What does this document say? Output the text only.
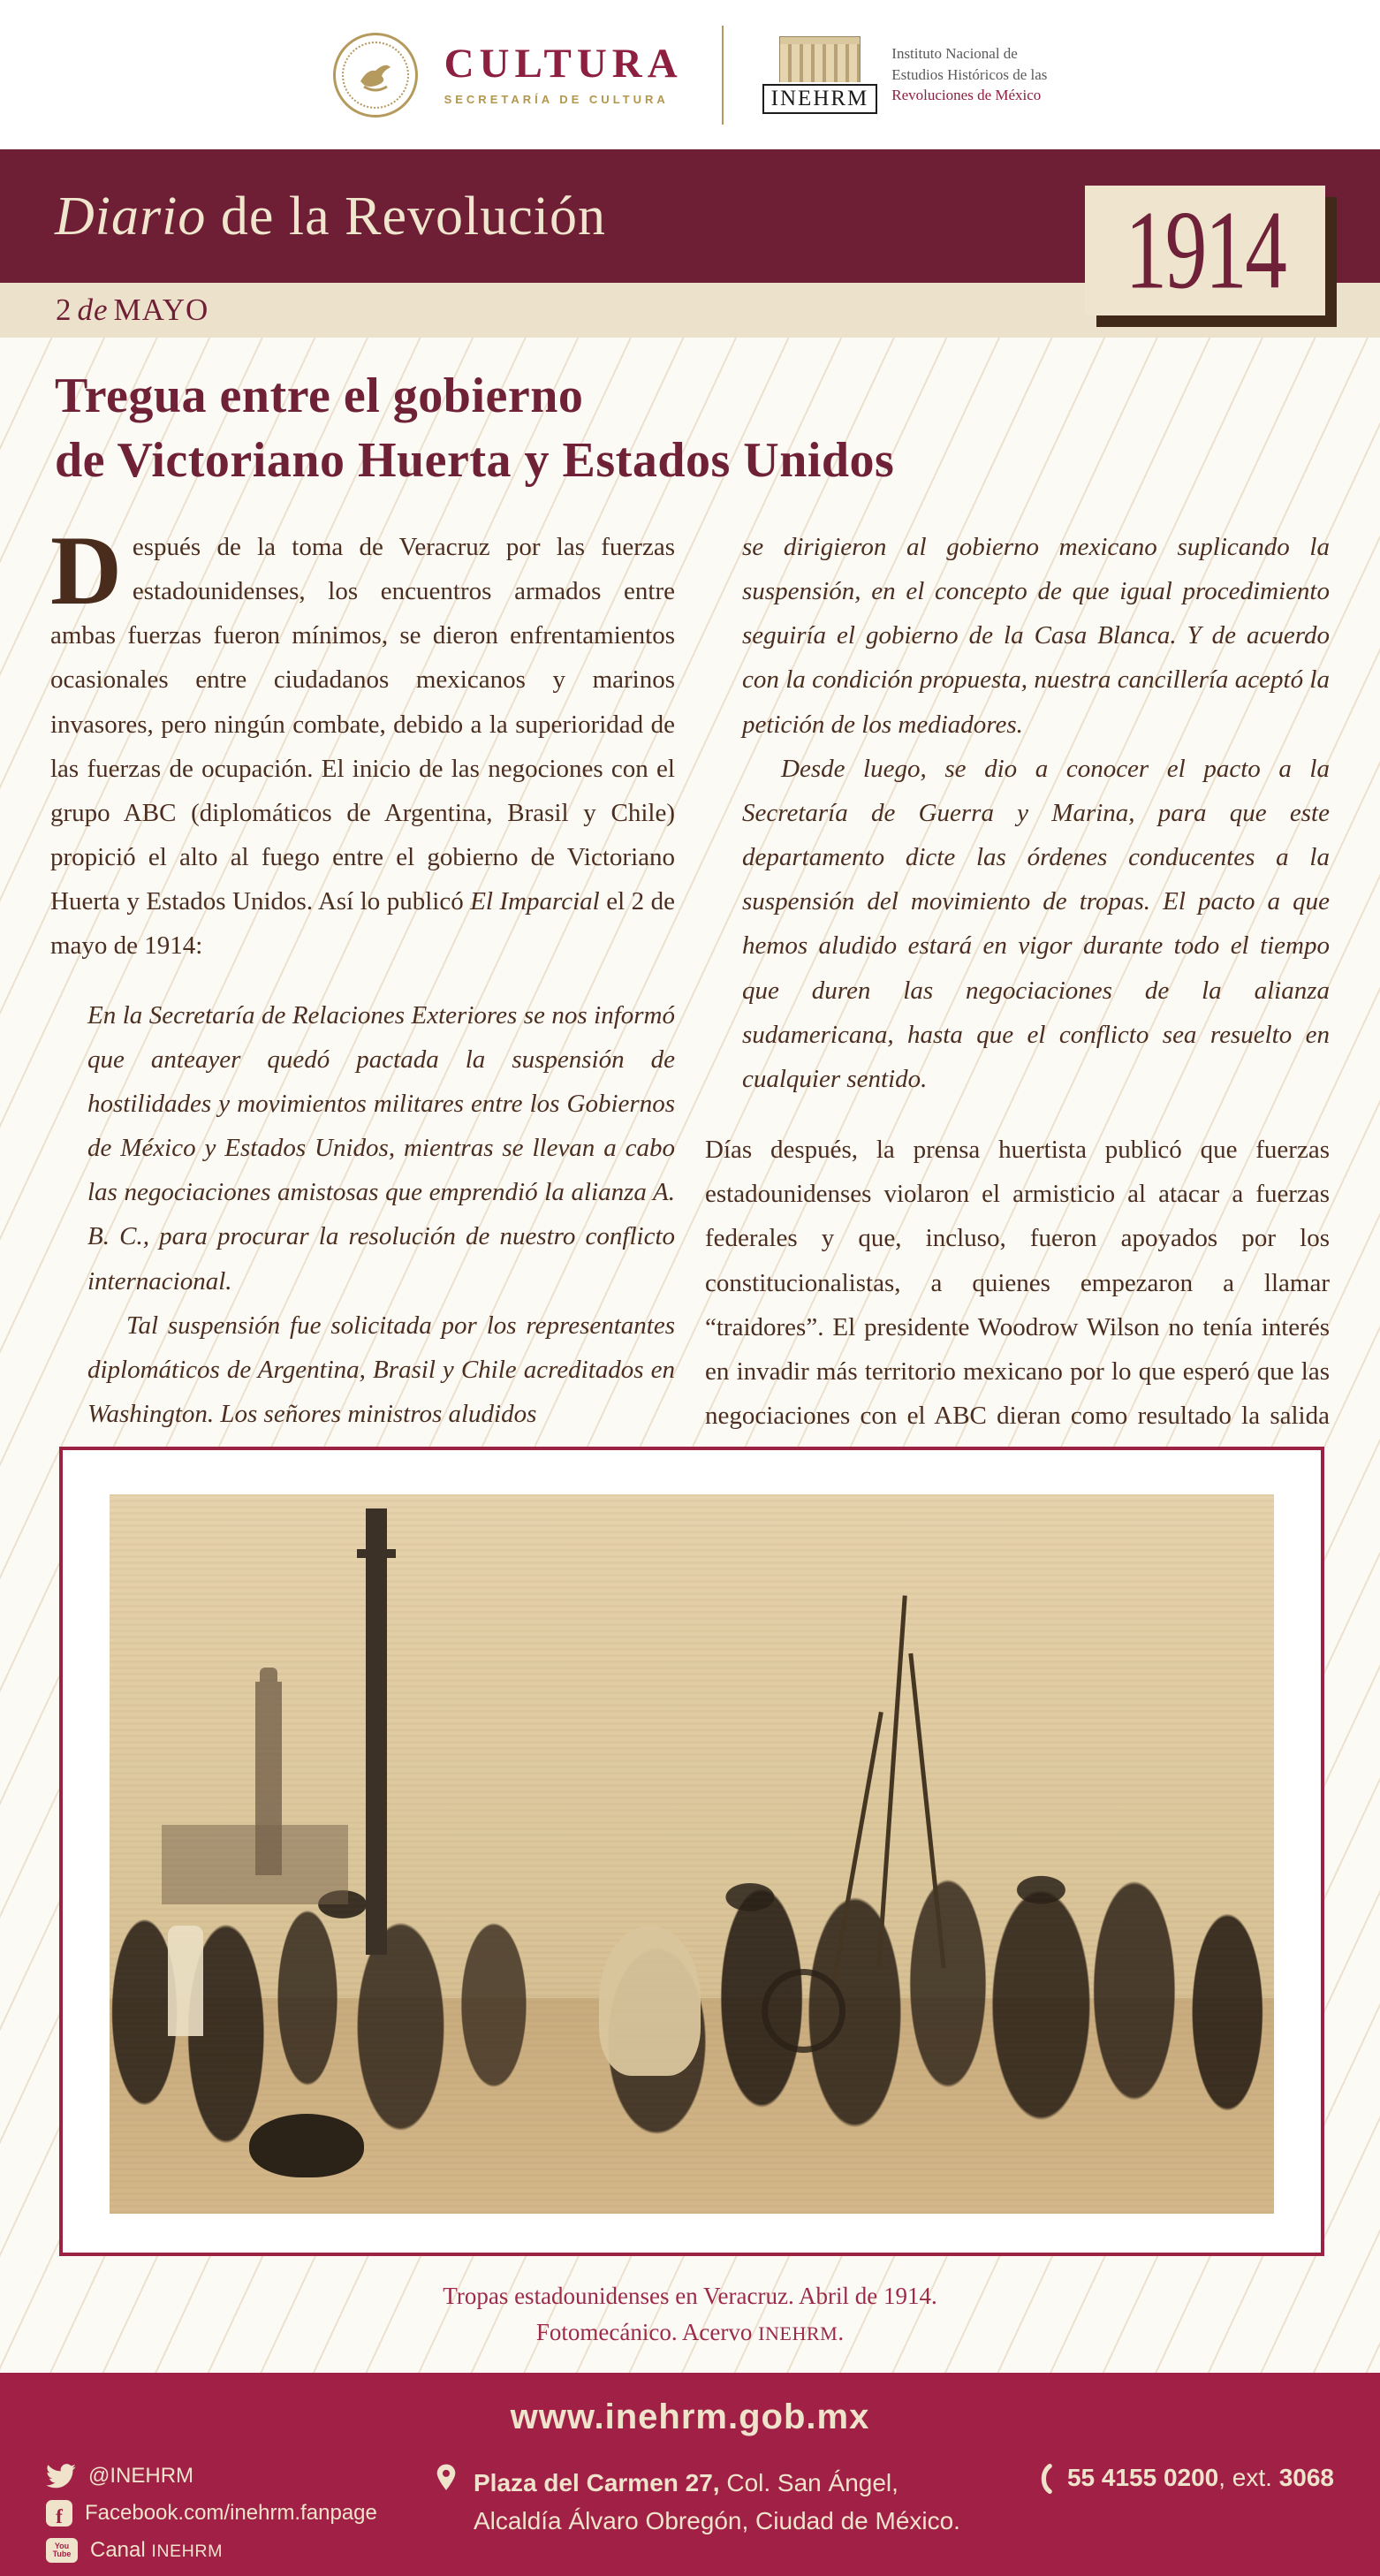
CULTURA
SECRETARÍA DE CULTURA	INEHRM
Instituto Nacional de
Estudios Históricos de las
Revoluciones de México
Diario de la Revolución
2 de MAYO	1914
Tregua entre el gobierno
de Victoriano Huerta y Estados Unidos

Después de la toma de Veracruz por las fuerzas estadounidenses, los encuentros armados entre ambas fuerzas fueron mínimos, se dieron enfrentamientos ocasionales entre ciudadanos mexicanos y marinos invasores, pero ningún combate, debido a la superioridad de las fuerzas de ocupación. El inicio de las negociones con el grupo ABC (diplomáticos de Argentina, Brasil y Chile) propició el alto al fuego entre el gobierno de Victoriano Huerta y Estados Unidos. Así lo publicó El Imparcial el 2 de mayo de 1914:

En la Secretaría de Relaciones Exteriores se nos informó que anteayer quedó pactada la suspensión de hostilidades y movimientos militares entre los Gobiernos de México y Estados Unidos, mientras se llevan a cabo las negociaciones amistosas que emprendió la alianza A. B. C., para procurar la resolución de nuestro conflicto internacional.

Tal suspensión fue solicitada por los representantes diplomáticos de Argentina, Brasil y Chile acreditados en Washington. Los señores ministros aludidos

se dirigieron al gobierno mexicano suplicando la suspensión, en el concepto de que igual procedimiento seguiría el gobierno de la Casa Blanca. Y de acuerdo con la condición propuesta, nuestra cancillería aceptó la petición de los mediadores.

Desde luego, se dio a conocer el pacto a la Secretaría de Guerra y Marina, para que este departamento dicte las órdenes conducentes a la suspensión del movimiento de tropas. El pacto a que hemos aludido estará en vigor durante todo el tiempo que duren las negociaciones de la alianza sudamericana, hasta que el conflicto sea resuelto en cualquier sentido.

Días después, la prensa huertista publicó que fuerzas estadounidenses violaron el armisticio al atacar a fuerzas federales y que, incluso, fueron apoyados por los constitucionalistas, a quienes empezaron a llamar “traidores”. El presidente Woodrow Wilson no tenía interés en invadir más territorio mexicano por lo que esperó que las negociaciones con el ABC dieran como resultado la salida

Tropas estadounidenses en Veracruz. Abril de 1914.
Fotomecánico. Acervo INEHRM.
www.inehrm.gob.mx
@INEHRM
f	Facebook.com/inehrm.fanpage
You
Tube Canal INEHRM
Plaza del Carmen 27, Col. San Ángel,
Alcaldía Álvaro Obregón, Ciudad de México.
55 4155 0200, ext. 3068
